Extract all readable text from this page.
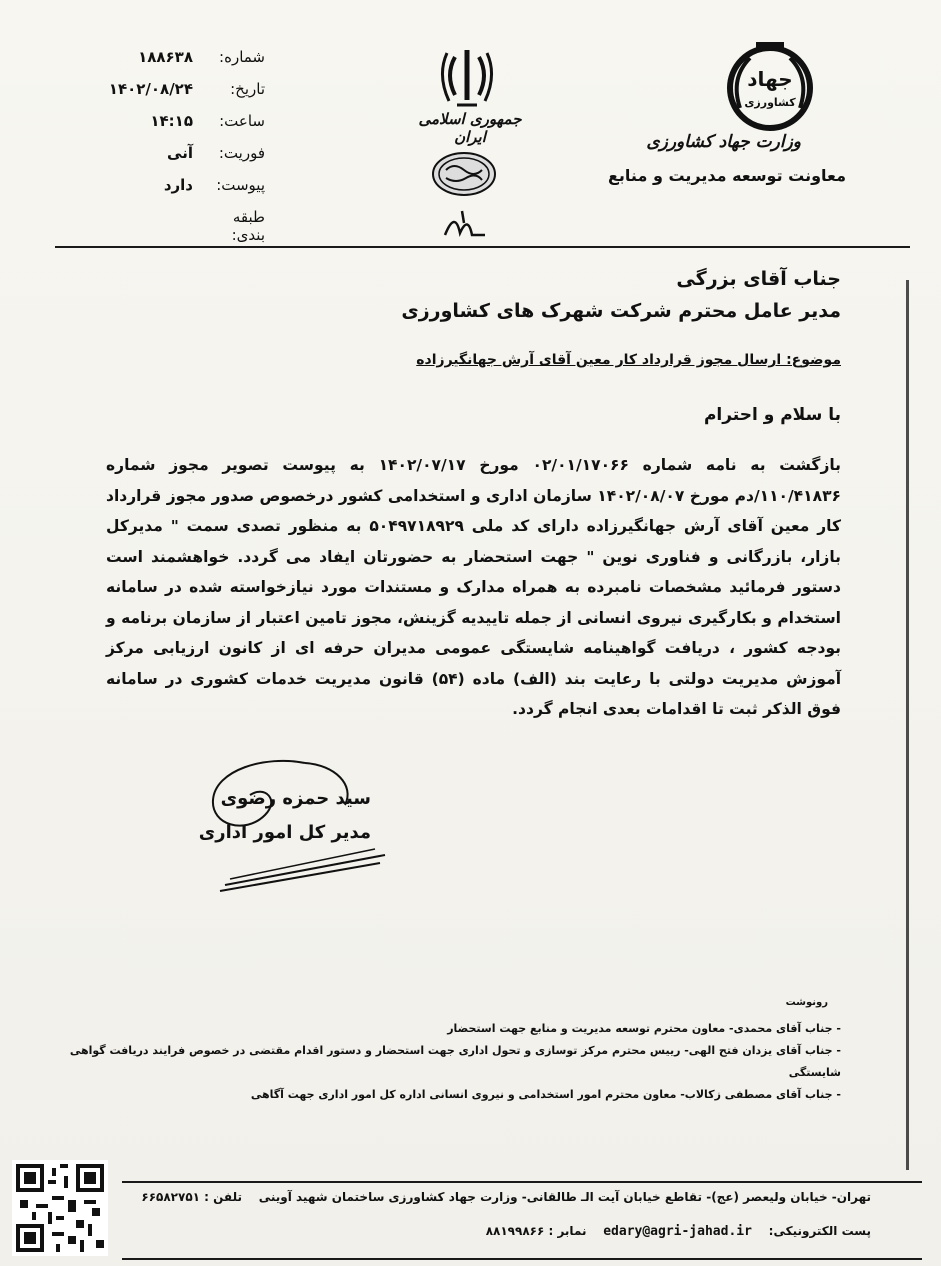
جهاد
کشاورزی
وزارت جهاد کشاورزی
معاونت توسعه مدیریت و منابع
جمهوری اسلامی ایران
شماره:
۱۸۸۶۳۸
تاریخ:
۱۴۰۲/۰۸/۲۴
ساعت:
۱۴:۱۵
فوریت:
آنی
پیوست:
دارد
طبقه بندی:
جناب آقای بزرگی
مدیر عامل محترم شرکت شهرک های کشاورزی
موضوع: ارسال مجوز قرارداد کار معین آقای آرش جهانگیرزاده
با سلام و احترام
بازگشت به نامه شماره ۰۲/۰۱/۱۷۰۶۶ مورخ ۱۴۰۲/۰۷/۱۷ به پیوست تصویر مجوز شماره ۱۱۰/۴۱۸۳۶/دم مورخ ۱۴۰۲/۰۸/۰۷ سازمان اداری و استخدامی کشور درخصوص صدور مجوز قرارداد کار معین آقای آرش جهانگیرزاده دارای کد ملی ۵۰۴۹۷۱۸۹۲۹ به منظور تصدی سمت " مدیرکل بازار، بازرگانی و فناوری نوین " جهت استحضار به حضورتان ایفاد می گردد. خواهشمند است دستور فرمائید مشخصات نامبرده به همراه مدارک و مستندات مورد نیازخواسته شده در سامانه استخدام و بکارگیری نیروی انسانی از جمله تاییدیه گزینش، مجوز تامین اعتبار از سازمان برنامه و بودجه کشور ، دریافت گواهینامه شایستگی عمومی مدیران حرفه ای از کانون ارزیابی مرکز آموزش مدیریت دولتی با رعایت بند (الف) ماده (۵۴) قانون مدیریت خدمات کشوری در سامانه فوق الذکر ثبت تا اقدامات بعدی انجام گردد.
سید حمزه رضوی
مدیر کل امور اداری
رونوشت
- جناب آقای محمدی- معاون محترم توسعه مدیریت و منابع جهت استحضار
- جناب آقای یزدان فتح الهی- رییس محترم مرکز توسازی و تحول اداری جهت استحضار و دستور اقدام مقتضی در خصوص فرایند دریافت گواهی
شایستگی
- جناب آقای مصطفی زکالاب- معاون محترم امور استخدامی و نیروی انسانی اداره کل امور اداری جهت آگاهی
تهران- خیابان ولیعصر (عج)- تقاطع خیابان آیت الـ طالقانی- وزارت جهاد کشاورزی ساختمان شهید آوینی    تلفن : ۶۶۵۸۲۷۵۱
پست الکترونیکی:    edary@agri-jahad.ir    نمابر : ۸۸۱۹۹۸۶۶
